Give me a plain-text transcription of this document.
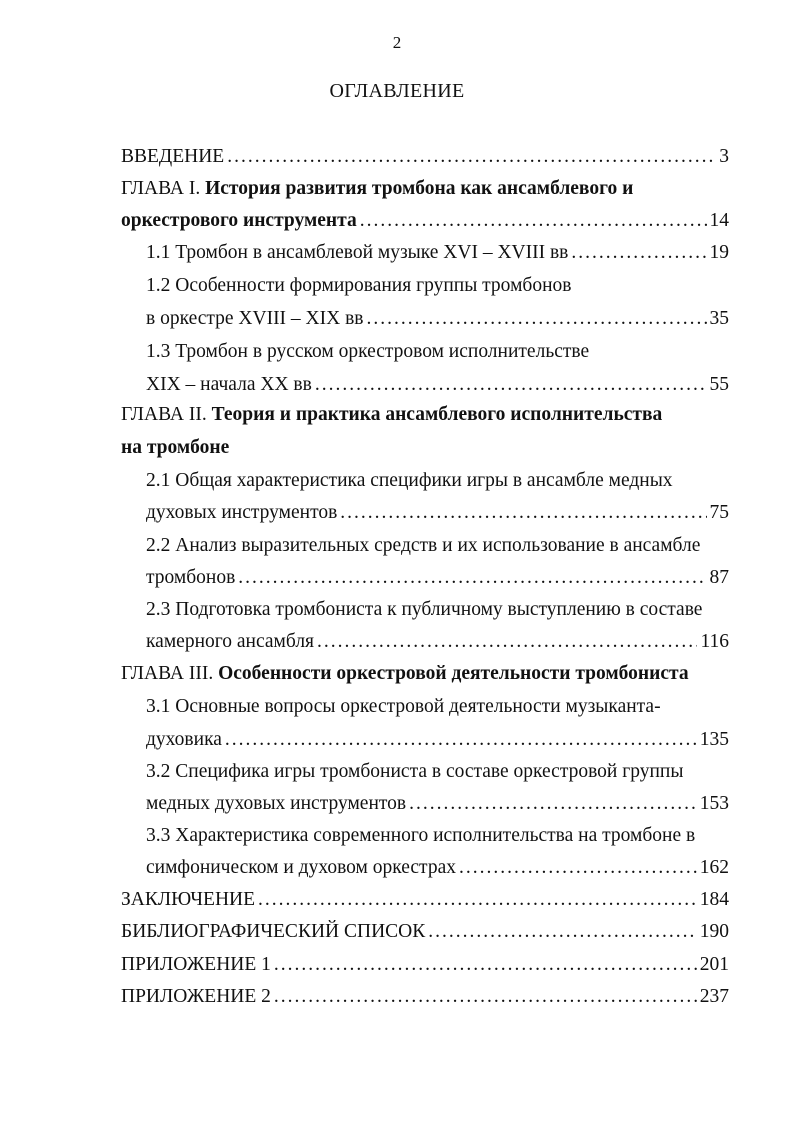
2
ОГЛАВЛЕНИЕ
ВВЕДЕНИЕ .....	3
ГЛАВА I. История развития тромбона как ансамблевого и
оркестрового инструмента .....	14
1.1 Тромбон в ансамблевой музыке XVI – XVIII вв .....	19
1.2 Особенности формирования группы тромбонов
в оркестре XVIII – XIX вв .....	35
1.3 Тромбон в русском оркестровом исполнительстве
XIX – начала XX вв .....	55
ГЛАВА II. Теория и практика ансамблевого исполнительства
на тромбоне
2.1 Общая характеристика специфики игры в ансамбле медных
духовых инструментов .....	75
2.2 Анализ выразительных средств и их использование в ансамбле
тромбонов .....	87
2.3 Подготовка тромбониста к публичному выступлению в составе
камерного ансамбля .....	116
ГЛАВА III. Особенности оркестровой деятельности тромбониста
3.1 Основные вопросы оркестровой деятельности музыканта-
духовика .....	135
3.2 Специфика игры тромбониста в составе оркестровой группы
медных духовых инструментов .....	153
3.3 Характеристика современного исполнительства на тромбоне в
симфоническом и духовом оркестрах .....	162
ЗАКЛЮЧЕНИЕ .....	184
БИБЛИОГРАФИЧЕСКИЙ СПИСОК .....	190
ПРИЛОЖЕНИЕ 1 .....	201
ПРИЛОЖЕНИЕ 2 .....	237
